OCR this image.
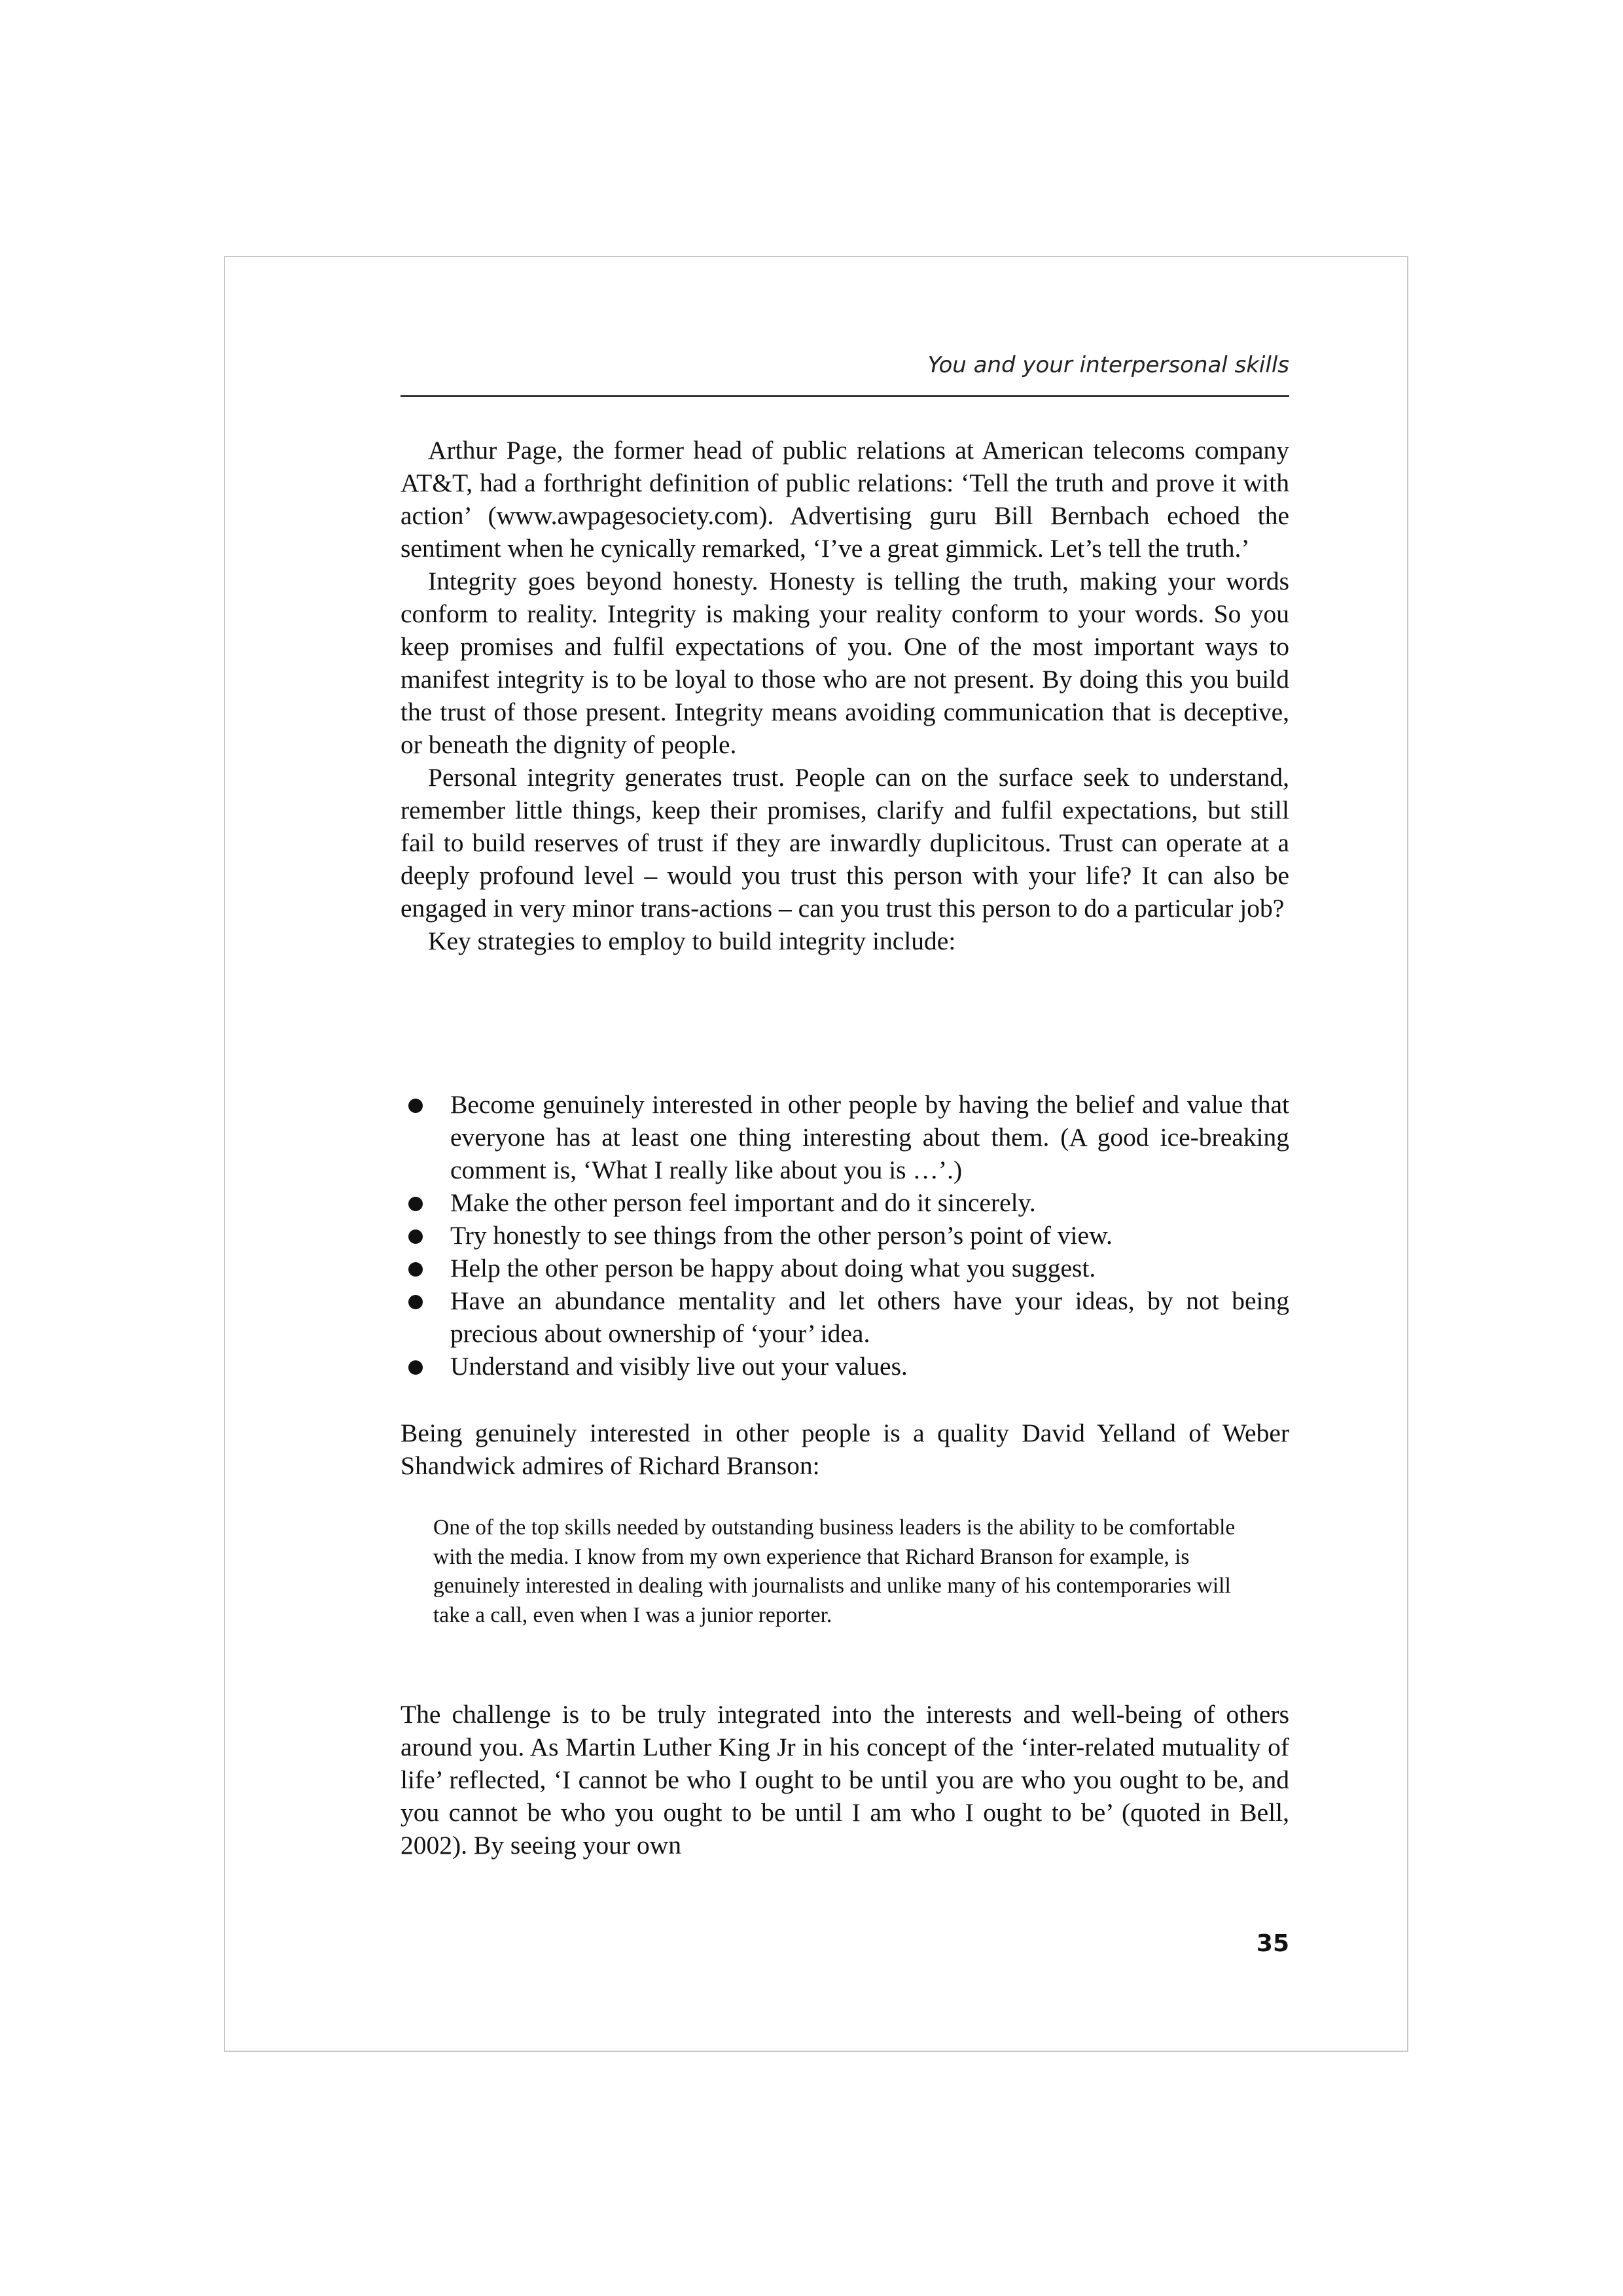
You and your interpersonal skills

Arthur Page, the former head of public relations at American telecoms company AT&T, had a forthright definition of public relations: ‘Tell the truth and prove it with action’ (www.awpagesociety.com). Advertising guru Bill Bernbach echoed the sentiment when he cynically remarked, ‘I’ve a great gimmick. Let’s tell the truth.’

Integrity goes beyond honesty. Honesty is telling the truth, making your words conform to reality. Integrity is making your reality conform to your words. So you keep promises and fulfil expectations of you. One of the most important ways to manifest integrity is to be loyal to those who are not present. By doing this you build the trust of those present. Integrity means avoiding communication that is deceptive, or beneath the dignity of people.

Personal integrity generates trust. People can on the surface seek to understand, remember little things, keep their promises, clarify and fulfil expectations, but still fail to build reserves of trust if they are inwardly duplicitous. Trust can operate at a deeply profound level – would you trust this person with your life? It can also be engaged in very minor trans-actions – can you trust this person to do a particular job?

Key strategies to employ to build integrity include:

Become genuinely interested in other people by having the belief and value that everyone has at least one thing interesting about them. (A good ice-breaking comment is, ‘What I really like about you is …’.)
Make the other person feel important and do it sincerely.
Try honestly to see things from the other person’s point of view.
Help the other person be happy about doing what you suggest.
Have an abundance mentality and let others have your ideas, by not being precious about ownership of ‘your’ idea.
Understand and visibly live out your values.

Being genuinely interested in other people is a quality David Yelland of Weber Shandwick admires of Richard Branson:

One of the top skills needed by outstanding business leaders is the ability to be comfortable with the media. I know from my own experience that Richard Branson for example, is genuinely interested in dealing with journalists and unlike many of his contemporaries will take a call, even when I was a junior reporter.

The challenge is to be truly integrated into the interests and well-being of others around you. As Martin Luther King Jr in his concept of the ‘inter-related mutuality of life’ reflected, ‘I cannot be who I ought to be until you are who you ought to be, and you cannot be who you ought to be until I am who I ought to be’ (quoted in Bell, 2002). By seeing your own

35
